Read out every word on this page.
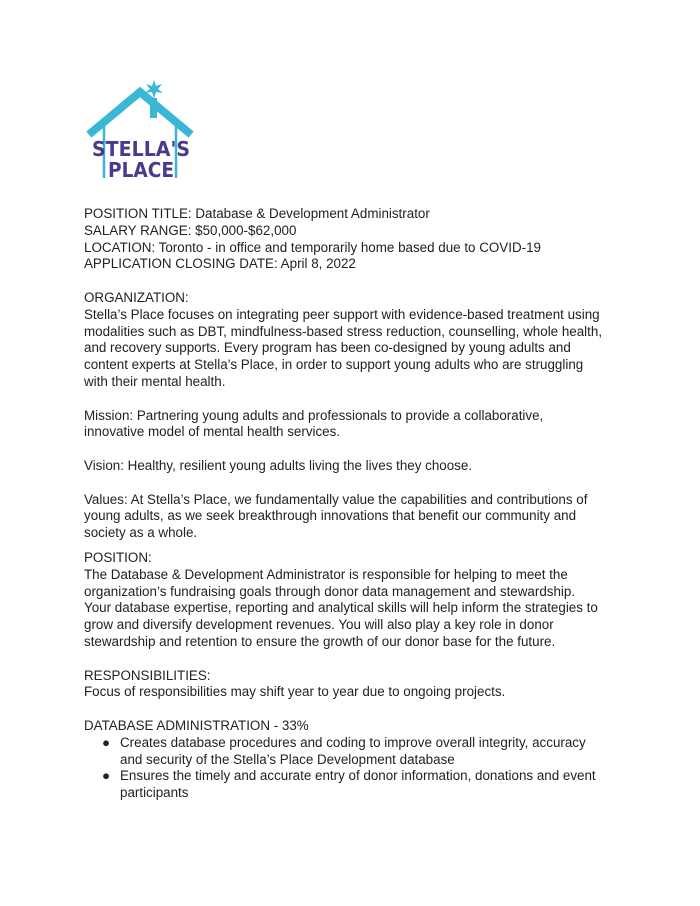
STELLA'S
PLACE

POSITION TITLE: Database & Development Administrator

SALARY RANGE: $50,000-$62,000

LOCATION: Toronto - in office and temporarily home based due to COVID-19

APPLICATION CLOSING DATE: April 8, 2022

ORGANIZATION:

Stella’s Place focuses on integrating peer support with evidence-based treatment using

modalities such as DBT, mindfulness-based stress reduction, counselling, whole health,

and recovery supports. Every program has been co-designed by young adults and

content experts at Stella’s Place, in order to support young adults who are struggling

with their mental health.

Mission: Partnering young adults and professionals to provide a collaborative,

innovative model of mental health services.

Vision: Healthy, resilient young adults living the lives they choose.

Values: At Stella’s Place, we fundamentally value the capabilities and contributions of

young adults, as we seek breakthrough innovations that benefit our community and

society as a whole.

POSITION:

The Database & Development Administrator is responsible for helping to meet the

organization’s fundraising goals through donor data management and stewardship.

Your database expertise, reporting and analytical skills will help inform the strategies to

grow and diversify development revenues. You will also play a key role in donor

stewardship and retention to ensure the growth of our donor base for the future.

RESPONSIBILITIES:

Focus of responsibilities may shift year to year due to ongoing projects.

DATABASE ADMINISTRATION - 33%

● Creates database procedures and coding to improve overall integrity, accuracy
and security of the Stella’s Place Development database
● Ensures the timely and accurate entry of donor information, donations and event
participants
